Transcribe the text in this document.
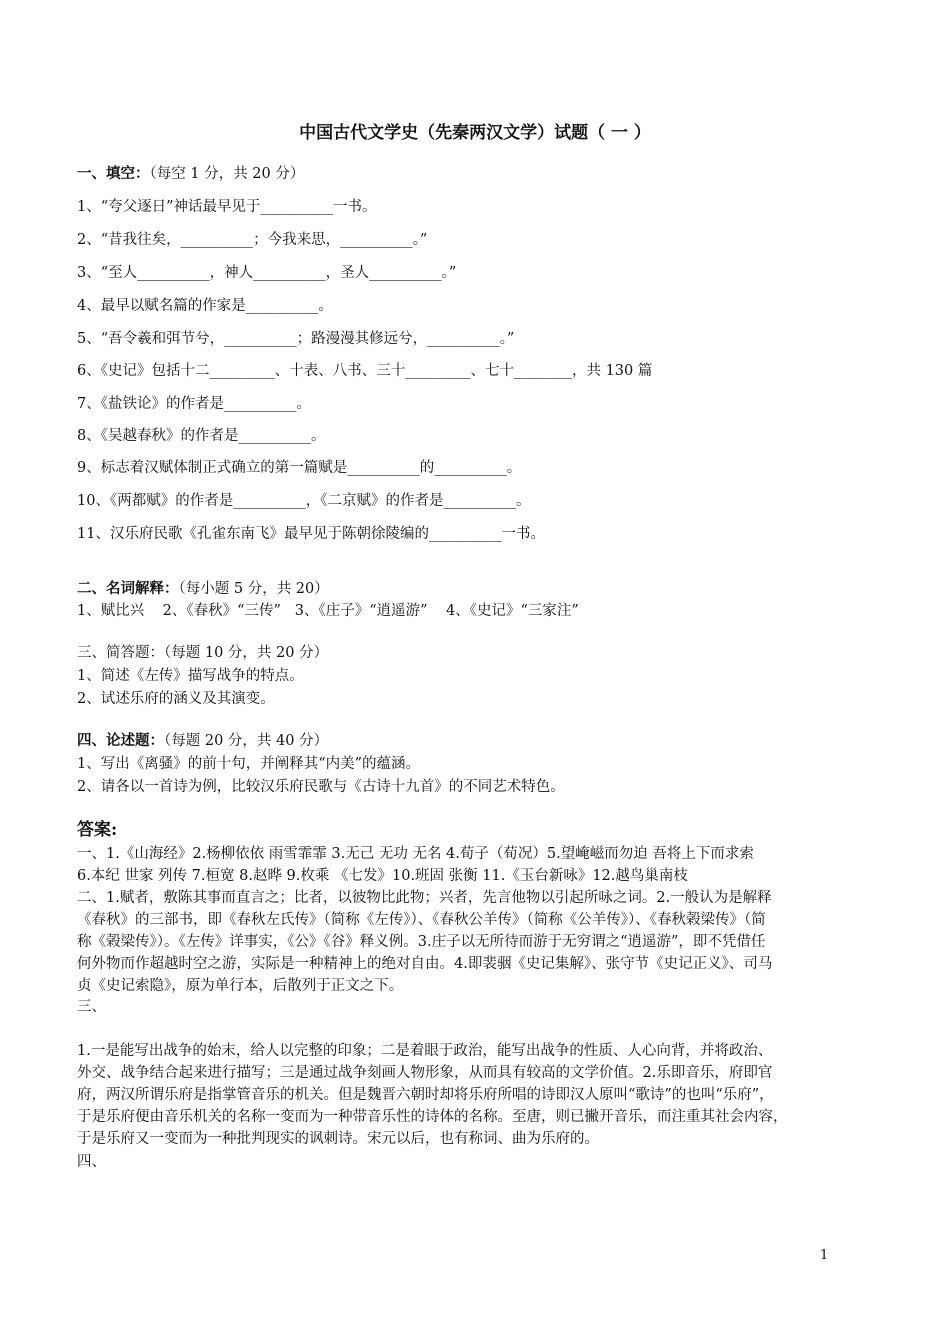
中国古代文学史（先秦两汉文学）试题（ 一 ）
一、填空：（每空 1 分，共 20 分）
1、“夸父逐日”神话最早见于__________一书。
2、“昔我往矣，__________；今我来思，__________。”
3、“至人__________，神人__________，圣人__________。”
4、最早以赋名篇的作家是__________。
5、“吾令羲和弭节兮，__________；路漫漫其修远兮，__________。”
6、《史记》包括十二_________、十表、八书、三十_________、七十________，共 130 篇
7、《盐铁论》的作者是__________。
8、《吴越春秋》的作者是__________。
9、标志着汉赋体制正式确立的第一篇赋是__________的__________。
10、《两都赋》的作者是__________，《二京赋》的作者是__________。
11、汉乐府民歌《孔雀东南飞》最早见于陈朝徐陵编的__________一书。
二、名词解释：（每小题 5 分，共 20）
1、赋比兴    2、《春秋》“三传”   3、《庄子》“逍遥游”    4、《史记》“三家注”
三、简答题：（每题 10 分，共 20 分）
1、简述《左传》描写战争的特点。
2、试述乐府的涵义及其演变。
四、论述题：（每题 20 分，共 40 分）
1、写出《离骚》的前十句，并阐释其“内美”的蕴涵。
2、请各以一首诗为例，比较汉乐府民歌与《古诗十九首》的不同艺术特色。
答案:
一、1.《山海经》2.杨柳依依 雨雪霏霏 3.无己 无功 无名 4.荀子（荀况）5.望崦嵫而勿迫 吾将上下而求索
6.本纪 世家 列传 7.桓宽 8.赵晔 9.枚乘 《七发》10.班固 张衡 11.《玉台新咏》12.越鸟巢南枝
二、1.赋者，敷陈其事而直言之；比者，以彼物比此物；兴者，先言他物以引起所咏之词。2.一般认为是解释
《春秋》的三部书，即《春秋左氏传》（简称《左传》）、《春秋公羊传》（简称《公羊传》）、《春秋榖梁传》（简
称《榖梁传》）。《左传》详事实，《公》《谷》释义例。3.庄子以无所待而游于无穷谓之“逍遥游”，即不凭借任
何外物而作超越时空之游，实际是一种精神上的绝对自由。4.即裴骃《史记集解》、张守节《史记正义》、司马
贞《史记索隐》，原为单行本，后散列于正文之下。
三、
1.一是能写出战争的始末，给人以完整的印象；二是着眼于政治，能写出战争的性质、人心向背，并将政治、
外交、战争结合起来进行描写；三是通过战争刻画人物形象，从而具有较高的文学价值。2.乐即音乐，府即官
府，两汉所谓乐府是指掌管音乐的机关。但是魏晋六朝时却将乐府所唱的诗即汉人原叫“歌诗”的也叫“乐府”，
于是乐府便由音乐机关的名称一变而为一种带音乐性的诗体的名称。至唐，则已撇开音乐，而注重其社会内容，
于是乐府又一变而为一种批判现实的讽刺诗。宋元以后，也有称词、曲为乐府的。
四、
1
